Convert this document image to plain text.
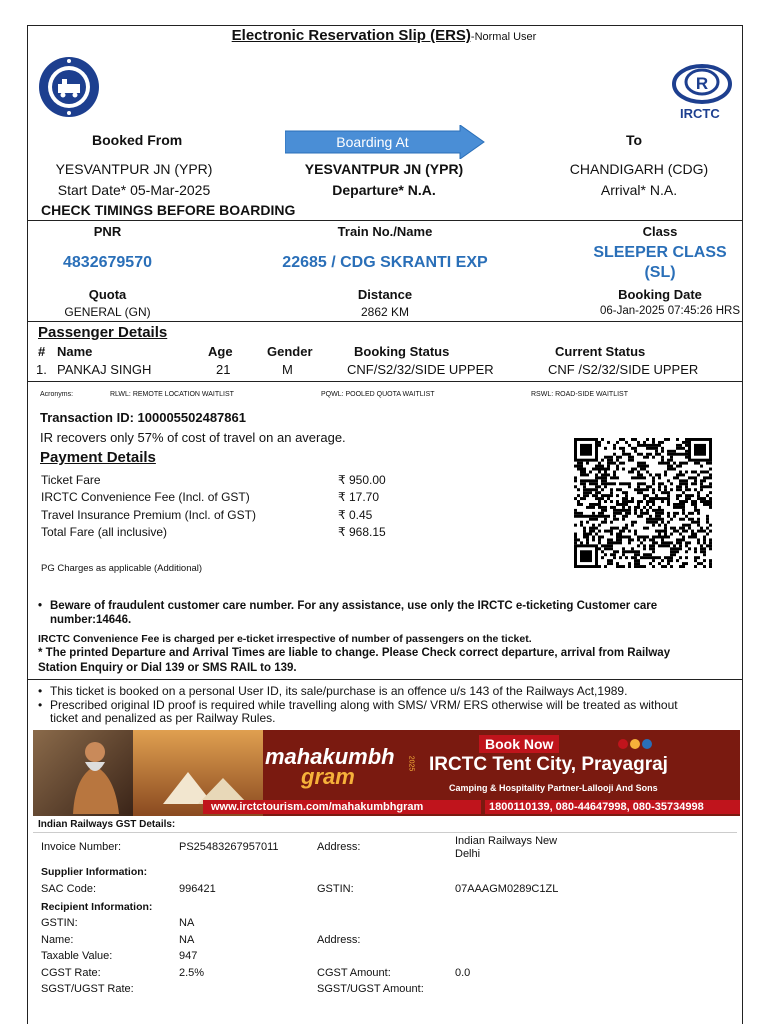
Electronic Reservation Slip (ERS)-Normal User
R
IRCTC
Booked From	Boarding At	To
YESVANTPUR JN (YPR)	YESVANTPUR JN (YPR)	CHANDIGARH (CDG)
Start Date* 05-Mar-2025	Departure* N.A.	Arrival* N.A.
CHECK TIMINGS BEFORE BOARDING
PNR	Train No./Name	Class
4832679570	22685 / CDG SKRANTI EXP
SLEEPER CLASS
(SL)
Quota	Distance	Booking Date
GENERAL (GN)	2862 KM	06-Jan-2025 07:45:26 HRS
Passenger Details
# Name	Age	Gender	Booking Status	Current Status
1. PANKAJ SINGH	21	M	CNF/S2/32/SIDE UPPER	CNF /S2/32/SIDE UPPER
Acronyms:	RLWL: REMOTE LOCATION WAITLIST	PQWL: POOLED QUOTA WAITLIST	RSWL: ROAD-SIDE WAITLIST
Transaction ID: 100005502487861
IR recovers only 57% of cost of travel on an average.
Payment Details
Ticket Fare	₹ 950.00
IRCTC Convenience Fee (Incl. of GST)	₹ 17.70
Travel Insurance Premium (Incl. of GST)	₹ 0.45
Total Fare (all inclusive)	₹ 968.15
PG Charges as applicable (Additional)
• Beware of fraudulent customer care number. For any assistance, use only the IRCTC e-ticketing Customer care
number:14646.
IRCTC Convenience Fee is charged per e-ticket irrespective of number of passengers on the ticket.
* The printed Departure and Arrival Times are liable to change. Please Check correct departure, arrival from Railway
Station Enquiry or Dial 139 or SMS RAIL to 139.
• This ticket is booked on a personal User ID, its sale/purchase is an offence u/s 143 of the Railways Act,1989.
• Prescribed original ID proof is required while travelling along with SMS/ VRM/ ERS otherwise will be treated as without
ticket and penalized as per Railway Rules.
mahakumbh
gram
2025
Book Now
IRCTC Tent City, Prayagraj
Camping & Hospitality Partner-Lallooji And Sons
www.irctctourism.com/mahakumbhgram	1800110139, 080-44647998, 080-35734998
Indian Railways GST Details:
Invoice Number:	PS25483267957011	Address:	Indian Railways New
Delhi
Supplier Information:
SAC Code:	996421	GSTIN:	07AAAGM0289C1ZL
Recipient Information:
GSTIN:	NA
Name:	NA	Address:
Taxable Value:	947
CGST Rate:	2.5%	CGST Amount:	0.0
SGST/UGST Rate:	SGST/UGST Amount:
